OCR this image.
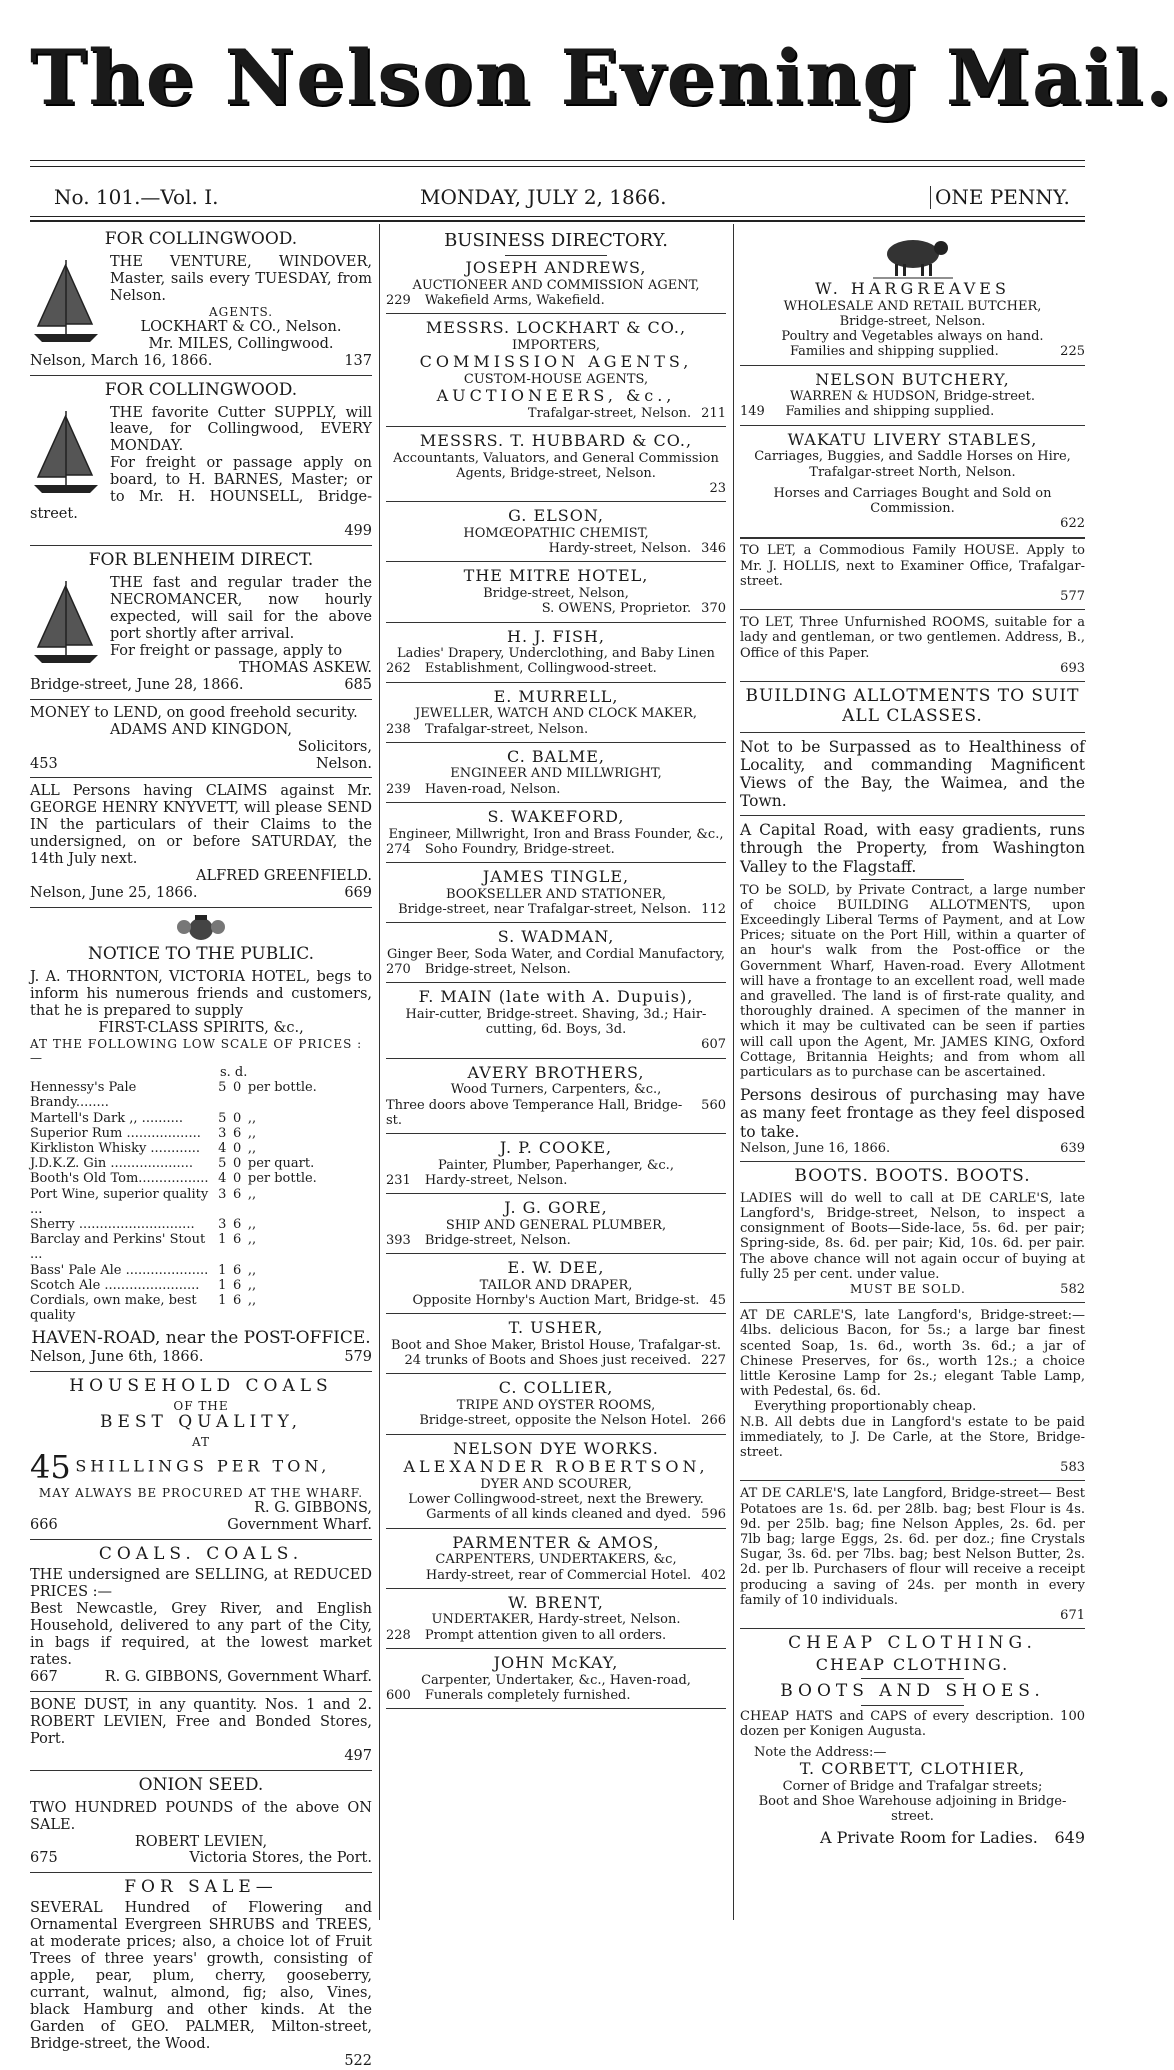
The Nelson Evening Mail.
No. 101.—Vol. I.	MONDAY, JULY 2, 1866.	ONE PENNY.
FOR COLLINGWOOD.
THE VENTURE, WINDOVER, Master, sails every TUESDAY, from Nelson.
AGENTS.
LOCKHART & CO., Nelson.
Mr. MILES, Collingwood.
Nelson, March 16, 1866.	137
FOR COLLINGWOOD.
THE favorite Cutter SUPPLY, will leave, for Collingwood, EVERY MONDAY.
For freight or passage apply on board, to H. BARNES, Master; or to Mr. H. HOUNSELL, Bridge-street.
499
FOR BLENHEIM DIRECT.
THE fast and regular trader the NECROMANCER, now hourly expected, will sail for the above port shortly after arrival.
For freight or passage, apply to
THOMAS ASKEW.
Bridge-street, June 28, 1866.	685
MONEY to LEND, on good freehold security.
ADAMS AND KINGDON,
Solicitors,
453	Nelson.
ALL Persons having CLAIMS against Mr. GEORGE HENRY KNYVETT, will please SEND IN the particulars of their Claims to the undersigned, on or before SATURDAY, the 14th July next.
ALFRED GREENFIELD.
Nelson, June 25, 1866.	669
NOTICE TO THE PUBLIC.
J. A. THORNTON, VICTORIA HOTEL, begs to inform his numerous friends and customers, that he is prepared to supply
FIRST-CLASS SPIRITS, &c.,
AT THE FOLLOWING LOW SCALE OF PRICES :—
s. d.
Hennessy's Pale Brandy........	5	0	per bottle.
Martell's Dark ,, ..........	5	0	,,
Superior Rum ..................	3	6	,,
Kirkliston Whisky ............	4	0	,,
J.D.K.Z. Gin ....................	5	0	per quart.
Booth's Old Tom.................	4	0	per bottle.
Port Wine, superior quality ...	3	6	,,
Sherry ............................	3	6	,,
Barclay and Perkins' Stout ...	1	6	,,
Bass' Pale Ale ....................	1	6	,,
Scotch Ale .......................	1	6	,,
Cordials, own make, best quality	1	6	,,
HAVEN-ROAD, near the POST-OFFICE.
Nelson, June 6th, 1866.	579
HOUSEHOLD COALS
OF THE
BEST QUALITY,
AT
45 SHILLINGS PER TON,
MAY ALWAYS BE PROCURED AT THE WHARF.
R. G. GIBBONS,
666	Government Wharf.
COALS. COALS.
THE undersigned are SELLING, at REDUCED PRICES :—
Best Newcastle, Grey River, and English Household, delivered to any part of the City, in bags if required, at the lowest market rates.
667	R. G. GIBBONS, Government Wharf.
BONE DUST, in any quantity. Nos. 1 and 2. ROBERT LEVIEN, Free and Bonded Stores, Port.
497
ONION SEED.
TWO HUNDRED POUNDS of the above ON SALE.
ROBERT LEVIEN,
675	Victoria Stores, the Port.
FOR SALE—
SEVERAL Hundred of Flowering and Ornamental Evergreen SHRUBS and TREES, at moderate prices; also, a choice lot of Fruit Trees of three years' growth, consisting of apple, pear, plum, cherry, gooseberry, currant, walnut, almond, fig; also, Vines, black Hamburg and other kinds. At the Garden of GEO. PALMER, Milton-street, Bridge-street, the Wood.
522
BUSINESS DIRECTORY.
JOSEPH ANDREWS,
AUCTIONEER AND COMMISSION AGENT,
229 Wakefield Arms, Wakefield.
MESSRS. LOCKHART & CO.,
IMPORTERS,
COMMISSION AGENTS,
CUSTOM-HOUSE AGENTS,
AUCTIONEERS, &c.,
Trafalgar-street, Nelson. 211
MESSRS. T. HUBBARD & CO.,
Accountants, Valuators, and General Commission Agents, Bridge-street, Nelson.
23
G. ELSON,
HOMŒOPATHIC CHEMIST,
Hardy-street, Nelson. 346
THE MITRE HOTEL,
Bridge-street, Nelson,
S. OWENS, Proprietor. 370
H. J. FISH,
Ladies' Drapery, Underclothing, and Baby Linen
262 Establishment, Collingwood-street.
E. MURRELL,
JEWELLER, WATCH AND CLOCK MAKER,
238 Trafalgar-street, Nelson.
C. BALME,
ENGINEER AND MILLWRIGHT,
239 Haven-road, Nelson.
S. WAKEFORD,
Engineer, Millwright, Iron and Brass Founder, &c.,
274 Soho Foundry, Bridge-street.
JAMES TINGLE,
BOOKSELLER AND STATIONER,
Bridge-street, near Trafalgar-street, Nelson. 112
S. WADMAN,
Ginger Beer, Soda Water, and Cordial Manufactory,
270 Bridge-street, Nelson.
F. MAIN (late with A. Dupuis),
Hair-cutter, Bridge-street. Shaving, 3d.; Hair-cutting, 6d. Boys, 3d.
607
AVERY BROTHERS,
Wood Turners, Carpenters, &c.,
Three doors above Temperance Hall, Bridge-st.
560
J. P. COOKE,
Painter, Plumber, Paperhanger, &c.,
231 Hardy-street, Nelson.
J. G. GORE,
SHIP AND GENERAL PLUMBER,
393 Bridge-street, Nelson.
E. W. DEE,
TAILOR AND DRAPER,
Opposite Hornby's Auction Mart, Bridge-st. 45
T. USHER,
Boot and Shoe Maker, Bristol House, Trafalgar-st.
24 trunks of Boots and Shoes just received. 227
C. COLLIER,
TRIPE AND OYSTER ROOMS,
Bridge-street, opposite the Nelson Hotel. 266
NELSON DYE WORKS.
ALEXANDER ROBERTSON,
DYER AND SCOURER,
Lower Collingwood-street, next the Brewery.
Garments of all kinds cleaned and dyed. 596
PARMENTER & AMOS,
CARPENTERS, UNDERTAKERS, &c,
Hardy-street, rear of Commercial Hotel. 402
W. BRENT,
UNDERTAKER, Hardy-street, Nelson.
228 Prompt attention given to all orders.
JOHN McKAY,
Carpenter, Undertaker, &c., Haven-road,
600 Funerals completely furnished.
W. HARGREAVES
WHOLESALE AND RETAIL BUTCHER,
Bridge-street, Nelson.
Poultry and Vegetables always on hand.
Families and shipping supplied.	225
NELSON BUTCHERY,
WARREN & HUDSON, Bridge-street.
149 Families and shipping supplied.
WAKATU LIVERY STABLES,
Carriages, Buggies, and Saddle Horses on Hire,
Trafalgar-street North, Nelson.
Horses and Carriages Bought and Sold on Commission.
622
TO LET, a Commodious Family HOUSE. Apply to Mr. J. HOLLIS, next to Examiner Office, Trafalgar-street.
577
TO LET, Three Unfurnished ROOMS, suitable for a lady and gentleman, or two gentlemen. Address, B., Office of this Paper.
693
BUILDING ALLOTMENTS TO SUIT ALL CLASSES.
Not to be Surpassed as to Healthiness of Locality, and commanding Magnificent Views of the Bay, the Waimea, and the Town.
A Capital Road, with easy gradients, runs through the Property, from Washington Valley to the Flagstaff.
TO be SOLD, by Private Contract, a large number of choice BUILDING ALLOTMENTS, upon Exceedingly Liberal Terms of Payment, and at Low Prices; situate on the Port Hill, within a quarter of an hour's walk from the Post-office or the Government Wharf, Haven-road. Every Allotment will have a frontage to an excellent road, well made and gravelled. The land is of first-rate quality, and thoroughly drained. A specimen of the manner in which it may be cultivated can be seen if parties will call upon the Agent, Mr. JAMES KING, Oxford Cottage, Britannia Heights; and from whom all particulars as to purchase can be ascertained.
Persons desirous of purchasing may have as many feet frontage as they feel disposed to take.
Nelson, June 16, 1866.	639
BOOTS. BOOTS. BOOTS.
LADIES will do well to call at DE CARLE'S, late Langford's, Bridge-street, Nelson, to inspect a consignment of Boots—Side-lace, 5s. 6d. per pair; Spring-side, 8s. 6d. per pair; Kid, 10s. 6d. per pair. The above chance will not again occur of buying at fully 25 per cent. under value.
MUST BE SOLD.	582
AT DE CARLE'S, late Langford's, Bridge-street:—4lbs. delicious Bacon, for 5s.; a large bar finest scented Soap, 1s. 6d., worth 3s. 6d.; a jar of Chinese Preserves, for 6s., worth 12s.; a choice little Kerosine Lamp for 2s.; elegant Table Lamp, with Pedestal, 6s. 6d.
Everything proportionably cheap.
N.B. All debts due in Langford's estate to be paid immediately, to J. De Carle, at the Store, Bridge-street.
583
AT DE CARLE'S, late Langford, Bridge-street— Best Potatoes are 1s. 6d. per 28lb. bag; best Flour is 4s. 9d. per 25lb. bag; fine Nelson Apples, 2s. 6d. per 7lb bag; large Eggs, 2s. 6d. per doz.; fine Crystals Sugar, 3s. 6d. per 7lbs. bag; best Nelson Butter, 2s. 2d. per lb. Purchasers of flour will receive a receipt producing a saving of 24s. per month in every family of 10 individuals.
671
CHEAP CLOTHING.
CHEAP CLOTHING.
BOOTS AND SHOES.
CHEAP HATS and CAPS of every description. 100 dozen per Konigen Augusta.
Note the Address:—
T. CORBETT, CLOTHIER,
Corner of Bridge and Trafalgar streets;
Boot and Shoe Warehouse adjoining in Bridge-street.
A Private Room for Ladies. 649
